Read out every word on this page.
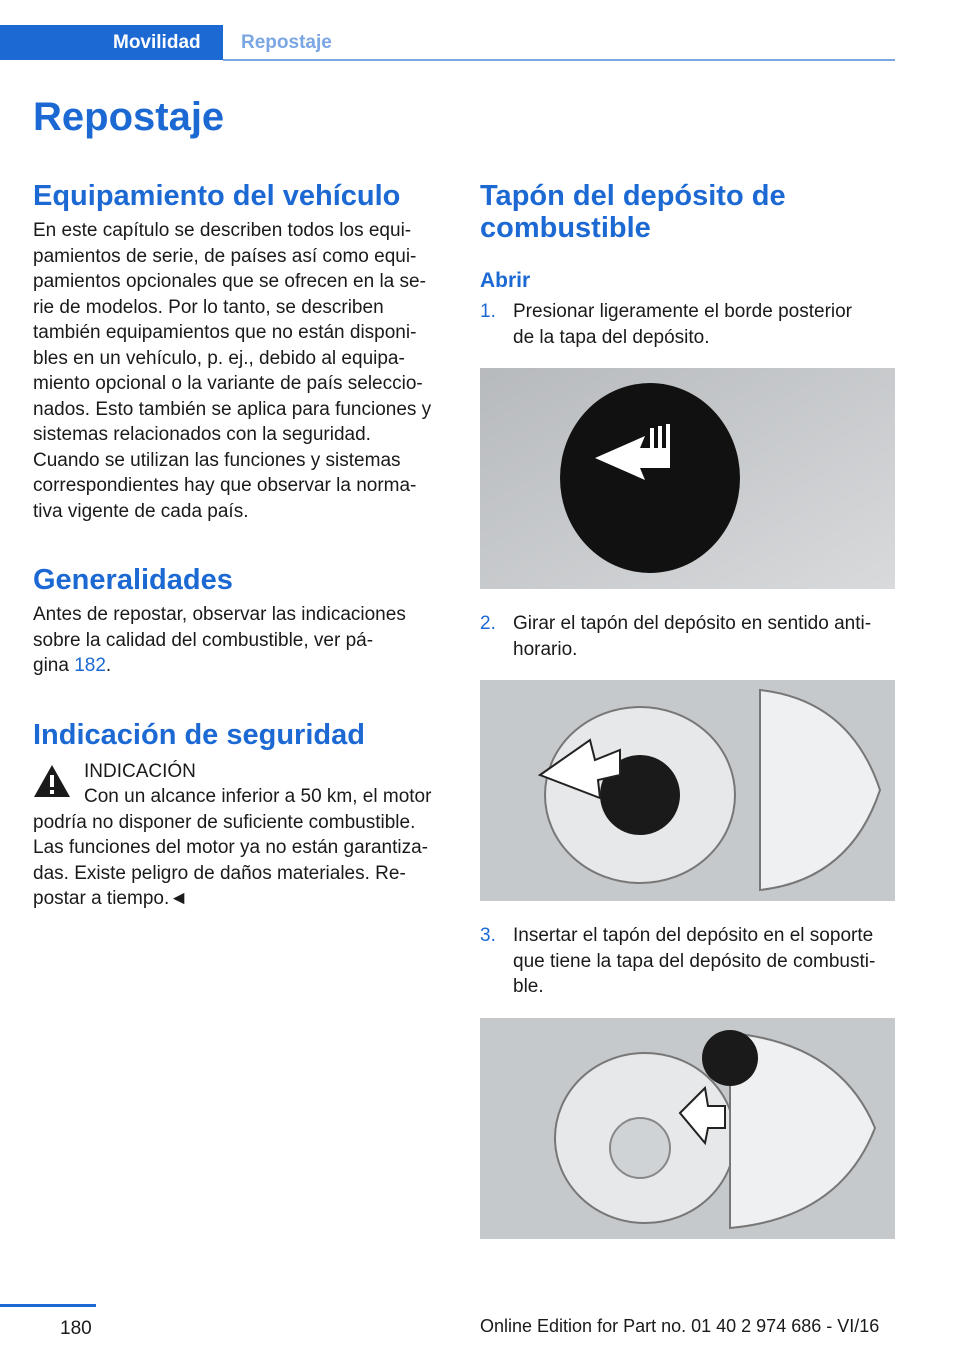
Movilidad	Repostaje
Repostaje
Equipamiento del vehículo
En este capítulo se describen todos los equi-
pamientos de serie, de países así como equi-
pamientos opcionales que se ofrecen en la se-
rie de modelos. Por lo tanto, se describen
también equipamientos que no están disponi-
bles en un vehículo, p. ej., debido al equipa-
miento opcional o la variante de país seleccio-
nados. Esto también se aplica para funciones y
sistemas relacionados con la seguridad.
Cuando se utilizan las funciones y sistemas
correspondientes hay que observar la norma-
tiva vigente de cada país.
Generalidades
Antes de repostar, observar las indicaciones
sobre la calidad del combustible, ver pá-
gina 182.
Indicación de seguridad
INDICACIÓN
Con un alcance inferior a 50 km, el motor
podría no disponer de suficiente combustible.
Las funciones del motor ya no están garantiza-
das. Existe peligro de daños materiales. Re-
postar a tiempo.◄
Tapón del depósito de
combustible
Abrir
1. Presionar ligeramente el borde posterior
de la tapa del depósito.
2. Girar el tapón del depósito en sentido anti-
horario.
3. Insertar el tapón del depósito en el soporte
que tiene la tapa del depósito de combusti-
ble.
180	Online Edition for Part no. 01 40 2 974 686 - VI/16
